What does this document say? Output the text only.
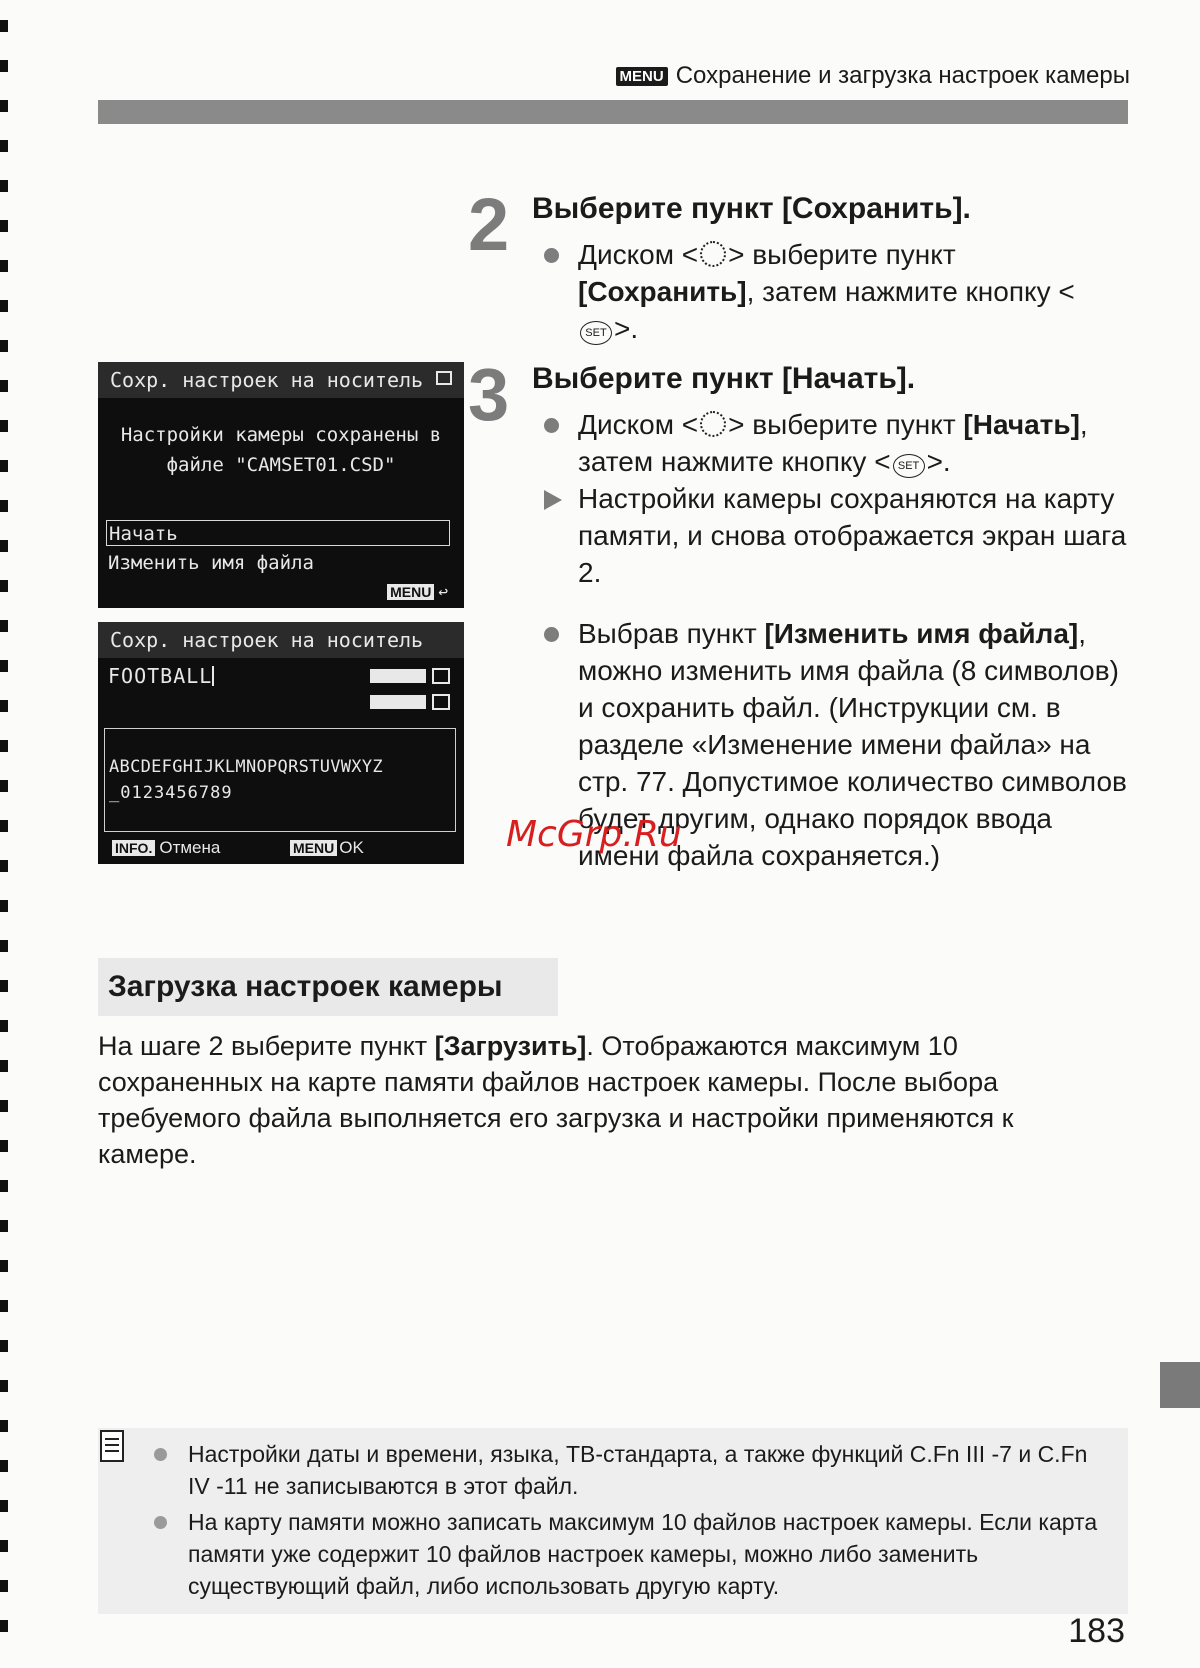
MENU Сохранение и загрузка настроек камеры
2 Выберите пункт [Сохранить].
Диском < > выберите пункт
[Сохранить], затем нажмите кнопку <SET >.
3 Выберите пункт [Начать].
Диском < > выберите пункт [Начать], затем нажмите кнопку < SET >.
Настройки камеры сохраняются на карту памяти, и снова отображается экран шага 2.
Выбрав пункт [Изменить имя файла], можно изменить имя файла (8 символов) и сохранить файл. (Инструкции см. в разделе «Изменение имени файла» на стр. 77. Допустимое количество символов будет другим, однако порядок ввода имени файла сохраняется.)
Сохр. настроек на носитель
Настройки камеры сохранены в
файле "CAMSET01.CSD"
Начать
Изменить имя файла
MENU ↩
Сохр. настроек на носитель
FOOTBALL
ABCDEFGHIJKLMNOPQRSTUVWXYZ
_0123456789
INFO. Отмена	MENU OK	McGrp.Ru
Загрузка настроек камеры
На шаге 2 выберите пункт [Загрузить]. Отображаются максимум 10 сохраненных на карте памяти файлов настроек камеры. После выбора требуемого файла выполняется его загрузка и настройки применяются к камере.
Настройки даты и времени, языка, ТВ-стандарта, а также функций C.Fn III -7 и C.Fn IV -11 не записываются в этот файл.
На карту памяти можно записать максимум 10 файлов настроек камеры. Если карта памяти уже содержит 10 файлов настроек камеры, можно либо заменить существующий файл, либо использовать другую карту.
183
